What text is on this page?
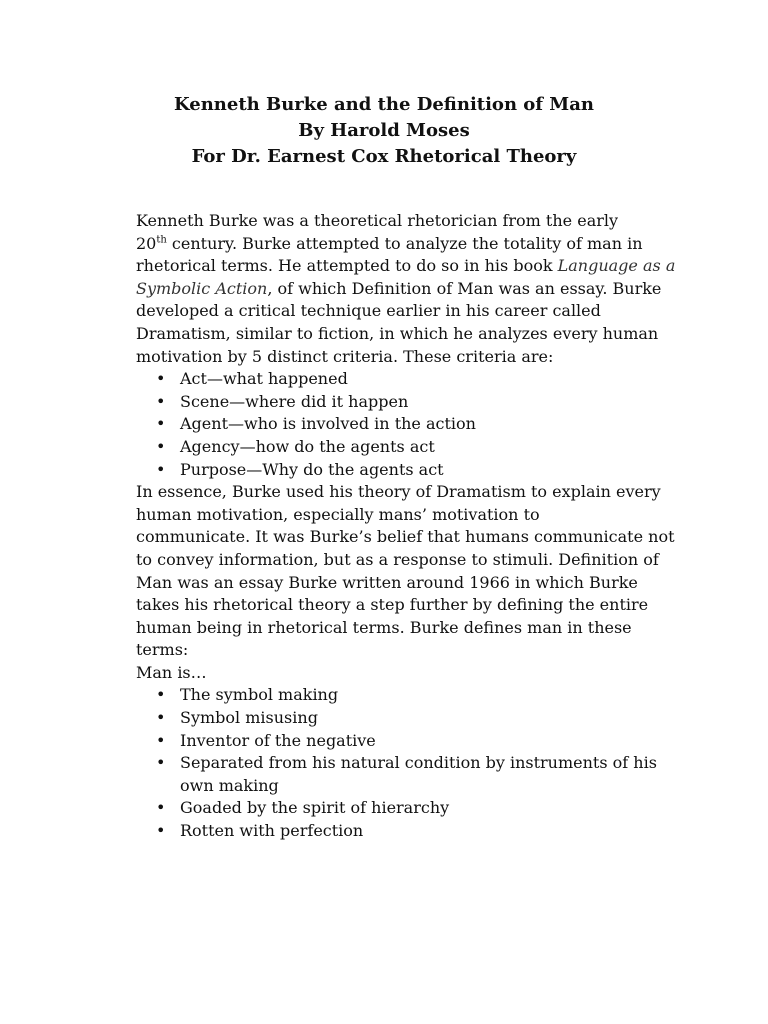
Kenneth Burke and the Definition of Man
By Harold Moses
For Dr. Earnest Cox Rhetorical Theory
Kenneth Burke was a theoretical rhetorician from the early
20th century. Burke attempted to analyze the totality of man in
rhetorical terms. He attempted to do so in his book Language as a
Symbolic Action, of which Definition of Man was an essay. Burke
developed a critical technique earlier in his career called
Dramatism, similar to fiction, in which he analyzes every human
motivation by 5 distinct criteria. These criteria are:
• Act—what happened
• Scene—where did it happen
• Agent—who is involved in the action
• Agency—how do the agents act
• Purpose—Why do the agents act
In essence, Burke used his theory of Dramatism to explain every
human motivation, especially mans’ motivation to
communicate. It was Burke’s belief that humans communicate not
to convey information, but as a response to stimuli. Definition of
Man was an essay Burke written around 1966 in which Burke
takes his rhetorical theory a step further by defining the entire
human being in rhetorical terms. Burke defines man in these
terms:
Man is…
• The symbol making
• Symbol misusing
• Inventor of the negative
• Separated from his natural condition by instruments of his
own making
• Goaded by the spirit of hierarchy
• Rotten with perfection
